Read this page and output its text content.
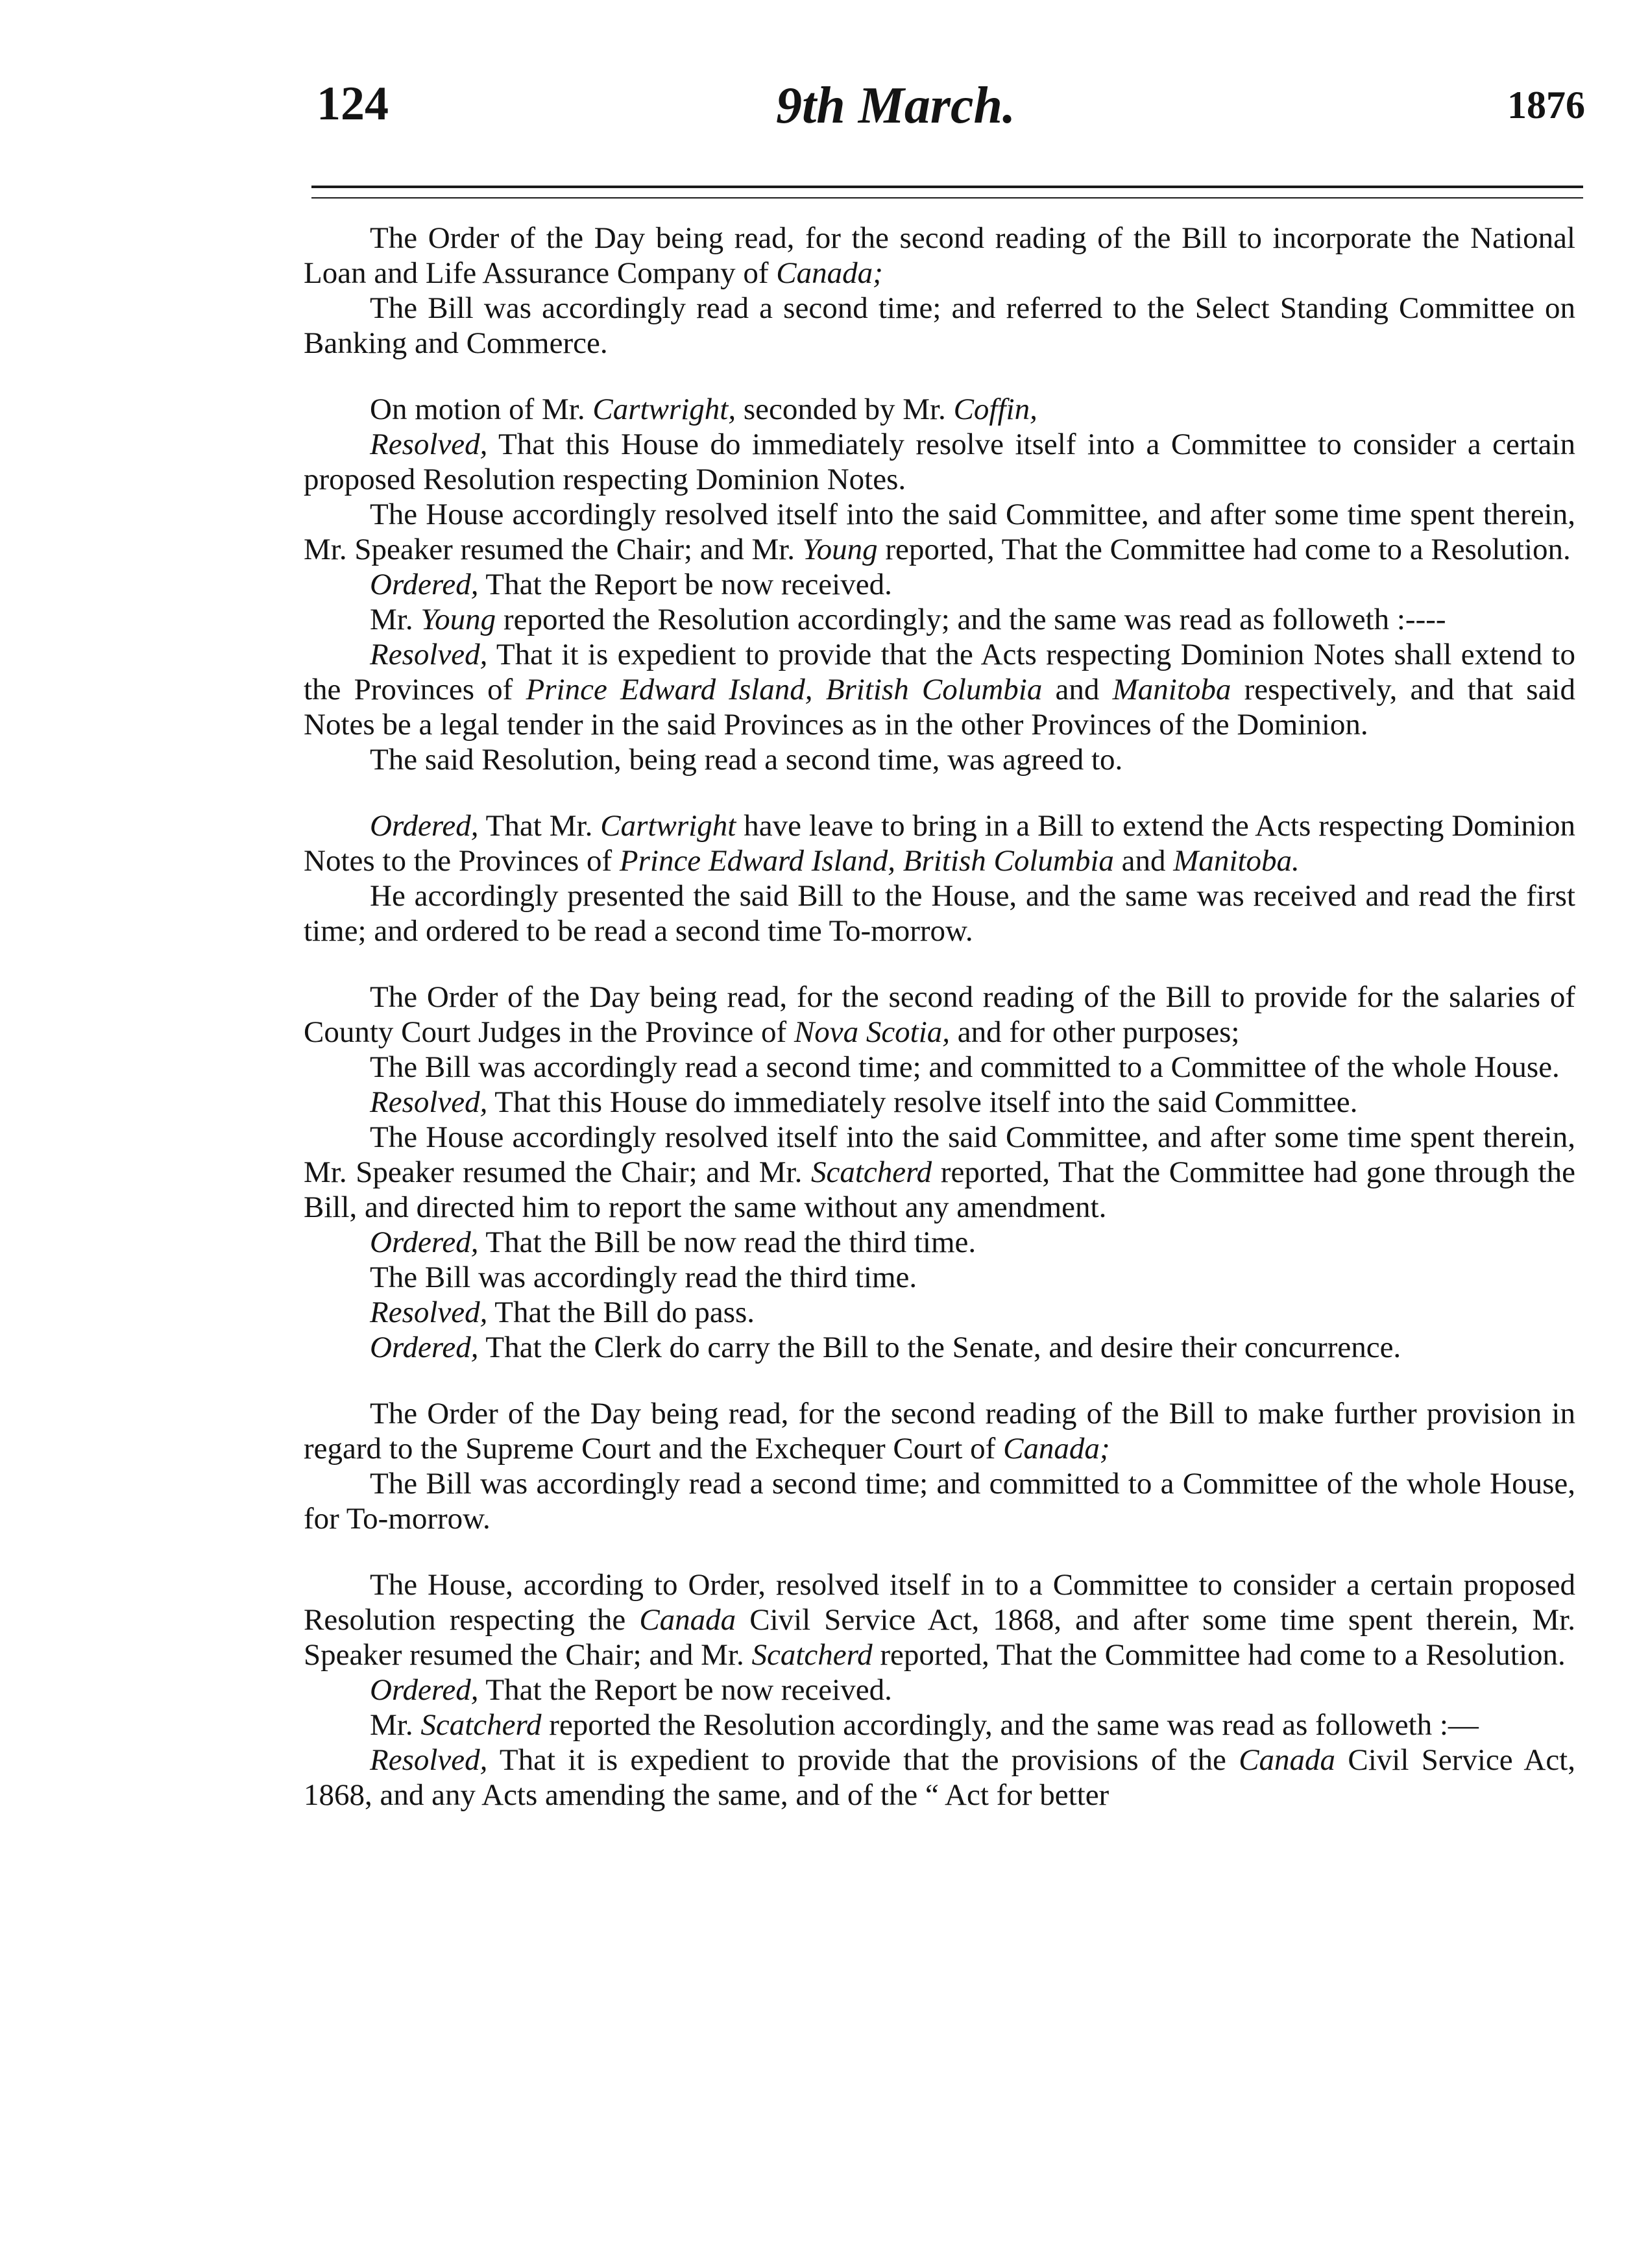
124	9th March.	1876

The Order of the Day being read, for the second reading of the Bill to incorporate the National Loan and Life Assurance Company of Canada;

The Bill was accordingly read a second time; and referred to the Select Standing Committee on Banking and Commerce.

On motion of Mr. Cartwright, seconded by Mr. Coffin,

Resolved, That this House do immediately resolve itself into a Committee to consider a certain proposed Resolution respecting Dominion Notes.

The House accordingly resolved itself into the said Committee, and after some time spent therein, Mr. Speaker resumed the Chair; and Mr. Young reported, That the Committee had come to a Resolution.

Ordered, That the Report be now received.

Mr. Young reported the Resolution accordingly; and the same was read as followeth :----

Resolved, That it is expedient to provide that the Acts respecting Dominion Notes shall extend to the Provinces of Prince Edward Island, British Columbia and Manitoba respectively, and that said Notes be a legal tender in the said Provinces as in the other Provinces of the Dominion.

The said Resolution, being read a second time, was agreed to.

Ordered, That Mr. Cartwright have leave to bring in a Bill to extend the Acts respecting Dominion Notes to the Provinces of Prince Edward Island, British Columbia and Manitoba.

He accordingly presented the said Bill to the House, and the same was received and read the first time; and ordered to be read a second time To-morrow.

The Order of the Day being read, for the second reading of the Bill to provide for the salaries of County Court Judges in the Province of Nova Scotia, and for other purposes;

The Bill was accordingly read a second time; and committed to a Committee of the whole House.

Resolved, That this House do immediately resolve itself into the said Committee.

The House accordingly resolved itself into the said Committee, and after some time spent therein, Mr. Speaker resumed the Chair; and Mr. Scatcherd reported, That the Committee had gone through the Bill, and directed him to report the same without any amendment.

Ordered, That the Bill be now read the third time.

The Bill was accordingly read the third time.

Resolved, That the Bill do pass.

Ordered, That the Clerk do carry the Bill to the Senate, and desire their concurrence.

The Order of the Day being read, for the second reading of the Bill to make further provision in regard to the Supreme Court and the Exchequer Court of Canada;

The Bill was accordingly read a second time; and committed to a Committee of the whole House, for To-morrow.

The House, according to Order, resolved itself in to a Committee to consider a certain proposed Resolution respecting the Canada Civil Service Act, 1868, and after some time spent therein, Mr. Speaker resumed the Chair; and Mr. Scatcherd reported, That the Committee had come to a Resolution.

Ordered, That the Report be now received.

Mr. Scatcherd reported the Resolution accordingly, and the same was read as followeth :—

Resolved, That it is expedient to provide that the provisions of the Canada Civil Service Act, 1868, and any Acts amending the same, and of the “ Act for better
